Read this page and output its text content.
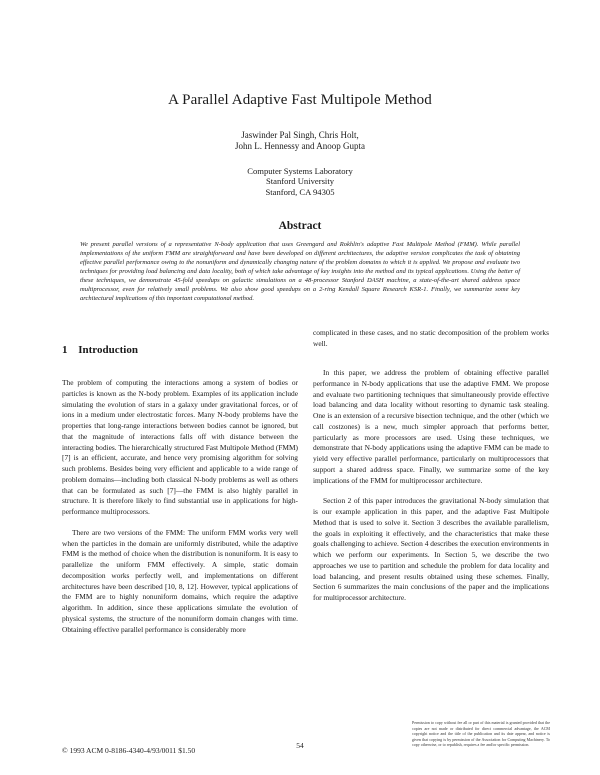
A Parallel Adaptive Fast Multipole Method
Jaswinder Pal Singh, Chris Holt,
John L. Hennessy and Anoop Gupta
Computer Systems Laboratory
Stanford University
Stanford, CA 94305
Abstract
We present parallel versions of a representative N-body application that uses Greengard and Rokhlin's adaptive Fast Multipole Method (FMM). While parallel implementations of the uniform FMM are straightforward and have been developed on different architectures, the adaptive version complicates the task of obtaining effective parallel performance owing to the nonuniform and dynamically changing nature of the problem domains to which it is applied. We propose and evaluate two techniques for providing load balancing and data locality, both of which take advantage of key insights into the method and its typical applications. Using the better of these techniques, we demonstrate 45-fold speedups on galactic simulations on a 48-processor Stanford DASH machine, a state-of-the-art shared address space multiprocessor, even for relatively small problems. We also show good speedups on a 2-ring Kendall Square Research KSR-1. Finally, we summarize some key architectural implications of this important computational method.
1 Introduction

The problem of computing the interactions among a system of bodies or particles is known as the N-body problem. Examples of its application include simulating the evolution of stars in a galaxy under gravitational forces, or of ions in a medium under electrostatic forces. Many N-body problems have the properties that long-range interactions between bodies cannot be ignored, but that the magnitude of interactions falls off with distance between the interacting bodies. The hierarchically structured Fast Multipole Method (FMM) [7] is an efficient, accurate, and hence very promising algorithm for solving such problems. Besides being very efficient and applicable to a wide range of problem domains—including both classical N-body problems as well as others that can be formulated as such [7]—the FMM is also highly parallel in structure. It is therefore likely to find substantial use in applications for high-performance multiprocessors.

There are two versions of the FMM: The uniform FMM works very well when the particles in the domain are uniformly distributed, while the adaptive FMM is the method of choice when the distribution is nonuniform. It is easy to parallelize the uniform FMM effectively. A simple, static domain decomposition works perfectly well, and implementations on different architectures have been described [10, 8, 12]. However, typical applications of the FMM are to highly nonuniform domains, which require the adaptive algorithm. In addition, since these applications simulate the evolution of physical systems, the structure of the nonuniform domain changes with time. Obtaining effective parallel performance is considerably more

complicated in these cases, and no static decomposition of the problem works well.

In this paper, we address the problem of obtaining effective parallel performance in N-body applications that use the adaptive FMM. We propose and evaluate two partitioning techniques that simultaneously provide effective load balancing and data locality without resorting to dynamic task stealing. One is an extension of a recursive bisection technique, and the other (which we call costzones) is a new, much simpler approach that performs better, particularly as more processors are used. Using these techniques, we demonstrate that N-body applications using the adaptive FMM can be made to yield very effective parallel performance, particularly on multiprocessors that support a shared address space. Finally, we summarize some of the key implications of the FMM for multiprocessor architecture.

Section 2 of this paper introduces the gravitational N-body simulation that is our example application in this paper, and the adaptive Fast Multipole Method that is used to solve it. Section 3 describes the available parallelism, the goals in exploiting it effectively, and the characteristics that make these goals challenging to achieve. Section 4 describes the execution environments in which we perform our experiments. In Section 5, we describe the two approaches we use to partition and schedule the problem for data locality and load balancing, and present results obtained using these schemes. Finally, Section 6 summarizes the main conclusions of the paper and the implications for multiprocessor architecture.

Permission to copy without fee all or part of this material is granted provided that the copies are not made or distributed for direct commercial advantage, the ACM copyright notice and the title of the publication and its date appear, and notice is given that copying is by permission of the Association for Computing Machinery. To copy otherwise, or to republish, requires a fee and/or specific permission.
54
© 1993 ACM 0-8186-4340-4/93/0011 $1.50
